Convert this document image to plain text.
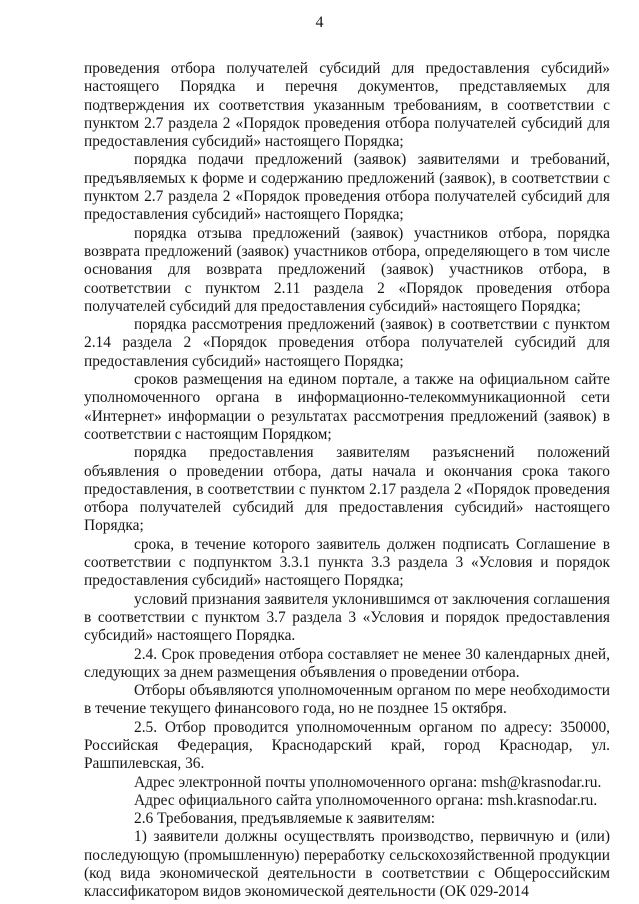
4

проведения отбора получателей субсидий для предоставления субсидий» настоящего Порядка и перечня документов, представляемых для подтверждения их соответствия указанным требованиям, в соответствии с пунктом 2.7 раздела 2 «Порядок проведения отбора получателей субсидий для предоставления субсидий» настоящего Порядка;

порядка подачи предложений (заявок) заявителями и требований, предъявляемых к форме и содержанию предложений (заявок), в соответствии с пунктом 2.7 раздела 2 «Порядок проведения отбора получателей субсидий для предоставления субсидий» настоящего Порядка;

порядка отзыва предложений (заявок) участников отбора, порядка возврата предложений (заявок) участников отбора, определяющего в том числе основания для возврата предложений (заявок) участников отбора, в соответствии с пунктом 2.11 раздела 2 «Порядок проведения отбора получателей субсидий для предоставления субсидий» настоящего Порядка;

порядка рассмотрения предложений (заявок) в соответствии с пунктом 2.14 раздела 2 «Порядок проведения отбора получателей субсидий для предоставления субсидий» настоящего Порядка;

сроков размещения на едином портале, а также на официальном сайте уполномоченного органа в информационно-телекоммуникационной сети «Интернет» информации о результатах рассмотрения предложений (заявок) в соответствии с настоящим Порядком;

порядка предоставления заявителям разъяснений положений объявления о проведении отбора, даты начала и окончания срока такого предоставления, в соответствии с пунктом 2.17 раздела 2 «Порядок проведения отбора получателей субсидий для предоставления субсидий» настоящего Порядка;

срока, в течение которого заявитель должен подписать Соглашение в соответствии с подпунктом 3.3.1 пункта 3.3 раздела 3 «Условия и порядок предоставления субсидий» настоящего Порядка;

условий признания заявителя уклонившимся от заключения соглашения в соответствии с пунктом 3.7 раздела 3 «Условия и порядок предоставления субсидий» настоящего Порядка.

2.4. Срок проведения отбора составляет не менее 30 календарных дней, следующих за днем размещения объявления о проведении отбора.

Отборы объявляются уполномоченным органом по мере необходимости в течение текущего финансового года, но не позднее 15 октября.

2.5. Отбор проводится уполномоченным органом по адресу: 350000, Российская Федерация, Краснодарский край, город Краснодар, ул. Рашпилевская, 36.

Адрес электронной почты уполномоченного органа: msh@krasnodar.ru.

Адрес официального сайта уполномоченного органа: msh.krasnodar.ru.

2.6 Требования, предъявляемые к заявителям:

1) заявители должны осуществлять производство, первичную и (или) последующую (промышленную) переработку сельскохозяйственной продукции (код вида экономической деятельности в соответствии с Общероссийским классификатором видов экономической деятельности (ОК 029-2014
